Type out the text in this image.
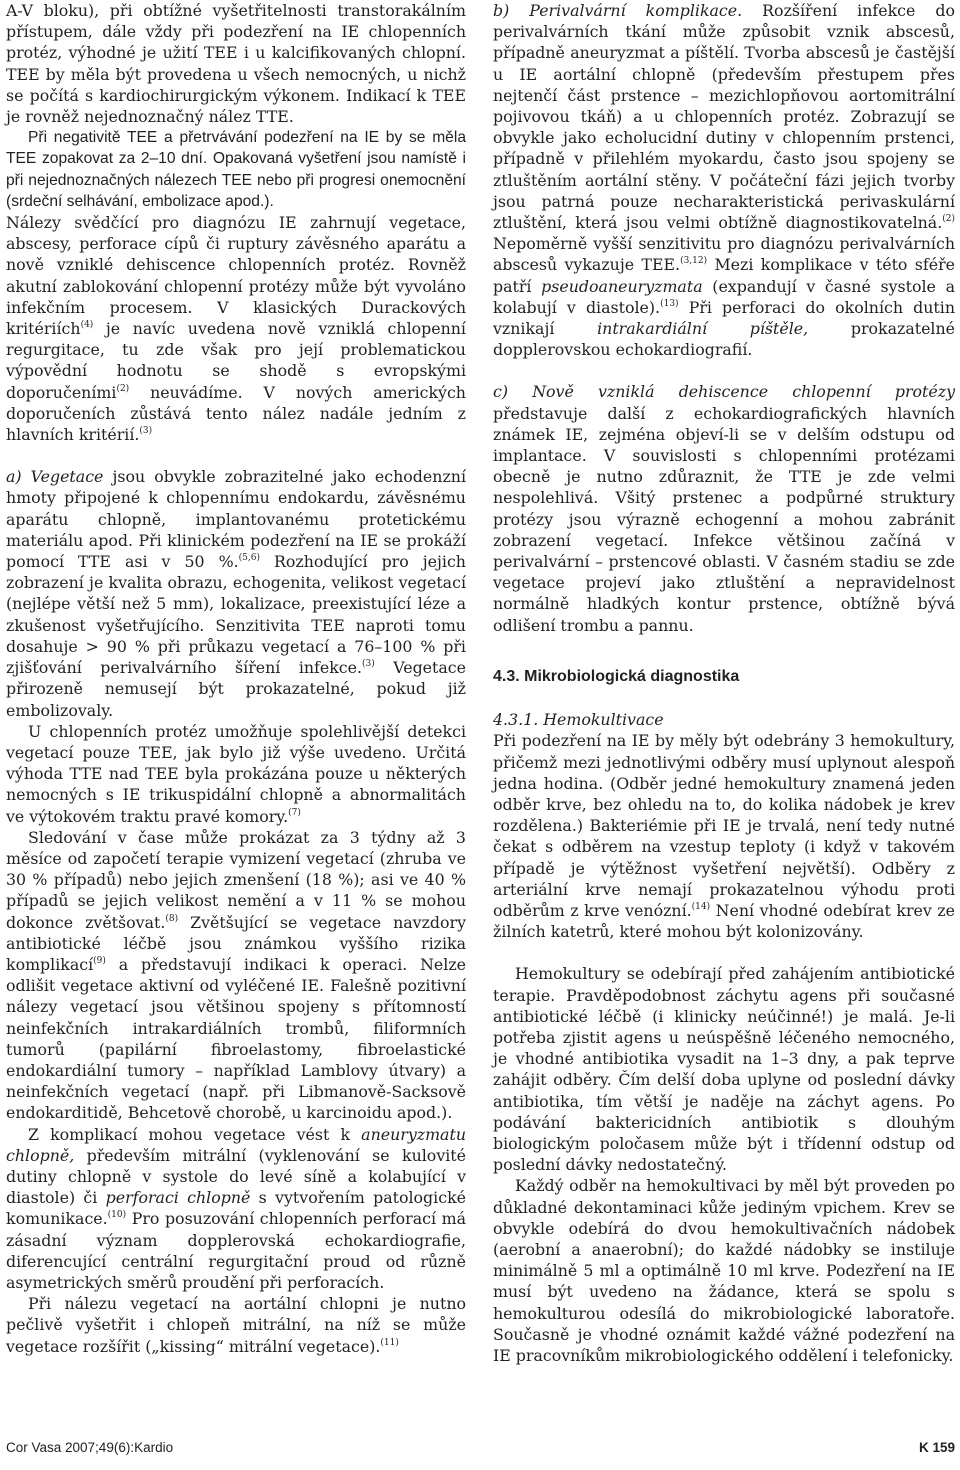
A-V bloku), při obtížné vyšetřitelnosti transtorakálním přístupem, dále vždy při podezření na IE chlopenních protéz, výhodné je užití TEE i u kalcifikovaných chlopní. TEE by měla být provedena u všech nemocných, u nichž se počítá s kardiochirurgickým výkonem. Indikací k TEE je rovněž nejednoznačný nález TTE.

Při negativitě TEE a přetrvávání podezření na IE by se měla TEE zopakovat za 2–10 dní. Opakovaná vyšetření jsou namístě i při nejednoznačných nálezech TEE nebo při progresi onemocnění (srdeční selhávání, embolizace apod.).

Nálezy svědčící pro diagnózu IE zahrnují vegetace, abscesy, perforace cípů či ruptury závěsného aparátu a nově vzniklé dehiscence chlopenních protéz. Rovněž akutní zablokování chlopenní protézy může být vyvoláno infekčním procesem. V klasických Durackových kritériích$^{(4)}$ je navíc uvedena nově vzniklá chlopenní regurgitace, tu zde však pro její problematickou výpovědní hodnotu se shodě s evropskými doporučeními$^{(2)}$ neuvádíme. V nových amerických doporučeních zůstává tento nález nadále jedním z hlavních kritérií.$^{(3)}$

a) Vegetace jsou obvykle zobrazitelné jako echodenzní hmoty připojené k chlopennímu endokardu, závěsnému aparátu chlopně, implantovanému protetickému materiálu apod. Při klinickém podezření na IE se prokáží pomocí TTE asi v 50 %.$^{(5,6)}$ Rozhodující pro jejich zobrazení je kvalita obrazu, echogenita, velikost vegetací (nejlépe větší než 5 mm), lokalizace, preexistující léze a zkušenost vyšetřujícího. Senzitivita TEE naproti tomu dosahuje > 90 % při průkazu vegetací a 76–100 % při zjišťování perivalvárního šíření infekce.$^{(3)}$ Vegetace přirozeně nemusejí být prokazatelné, pokud již embolizovaly.

U chlopenních protéz umožňuje spolehlivější detekci vegetací pouze TEE, jak bylo již výše uvedeno. Určitá výhoda TTE nad TEE byla prokázána pouze u některých nemocných s IE trikuspidální chlopně a abnormalitách ve výtokovém traktu pravé komory.$^{(7)}$

Sledování v čase může prokázat za 3 týdny až 3 měsíce od započetí terapie vymizení vegetací (zhruba ve 30 % případů) nebo jejich zmenšení (18 %); asi ve 40 % případů se jejich velikost nemění a v 11 % se mohou dokonce zvětšovat.$^{(8)}$ Zvětšující se vegetace navzdory antibiotické léčbě jsou známkou vyššího rizika komplikací$^{(9)}$ a představují indikaci k operaci. Nelze odlišit vegetace aktivní od vyléčené IE. Falešně pozitivní nálezy vegetací jsou většinou spojeny s přítomností neinfekčních intrakardiálních trombů, filiformních tumorů (papilární fibroelastomy, fibroelastické endokardiální tumory – například Lamblovy útvary) a neinfekčních vegetací (např. při Libmanově-Sacksově endokarditidě, Behcetově chorobě, u karcinoidu apod.).

Z komplikací mohou vegetace vést k aneuryzmatu chlopně, především mitrální (vyklenování se kulovité dutiny chlopně v systole do levé síně a kolabující v diastole) či perforaci chlopně s vytvořením patologické komunikace.$^{(10)}$ Pro posuzování chlopenních perforací má zásadní význam dopplerovská echokardiografie, diferencující centrální regurgitační proud od různě asymetrických směrů proudění při perforacích.

Při nálezu vegetací na aortální chlopni je nutno pečlivě vyšetřit i chlopeň mitrální, na níž se může vegetace rozšířit („kissing“ mitrální vegetace).$^{(11)}$

b) Perivalvární komplikace. Rozšíření infekce do perivalvárních tkání může způsobit vznik abscesů, případně aneuryzmat a píštělí. Tvorba abscesů je častější u IE aortální chlopně (především přestupem přes nejtenčí část prstence – mezichlopňovou aortomitrální pojivovou tkáň) a u chlopenních protéz. Zobrazují se obvykle jako echolucidní dutiny v chlopenním prstenci, případně v přilehlém myokardu, často jsou spojeny se ztluštěním aortální stěny. V počáteční fázi jejich tvorby jsou patrná pouze necharakteristická perivaskulární ztluštění, která jsou velmi obtížně diagnostikovatelná.$^{(2)}$ Nepoměrně vyšší senzitivitu pro diagnózu perivalvárních abscesů vykazuje TEE.$^{(3,12)}$ Mezi komplikace v této sféře patří pseudoaneuryzmata (expandují v časné systole a kolabují v diastole).$^{(13)}$ Při perforaci do okolních dutin vznikají intrakardiální píštěle, prokazatelné dopplerovskou echokardiografií.

c) Nově vzniklá dehiscence chlopenní protézy představuje další z echokardiografických hlavních známek IE, zejména objeví-li se v delším odstupu od implantace. V souvislosti s chlopenními protézami obecně je nutno zdůraznit, že TTE je zde velmi nespolehlivá. Všitý prstenec a podpůrné struktury protézy jsou výrazně echogenní a mohou zabránit zobrazení vegetací. Infekce většinou začíná v perivalvární – prstencové oblasti. V časném stadiu se zde vegetace projeví jako ztluštění a nepravidelnost normálně hladkých kontur prstence, obtížně bývá odlišení trombu a pannu.

4.3. Mikrobiologická diagnostika

4.3.1. Hemokultivace

Při podezření na IE by měly být odebrány 3 hemokultury, přičemž mezi jednotlivými odběry musí uplynout alespoň jedna hodina. (Odběr jedné hemokultury znamená jeden odběr krve, bez ohledu na to, do kolika nádobek je krev rozdělena.) Bakteriémie při IE je trvalá, není tedy nutné čekat s odběrem na vzestup teploty (i když v takovém případě je výtěžnost vyšetření největší). Odběry z arteriální krve nemají prokazatelnou výhodu proti odběrům z krve venózní.$^{(14)}$ Není vhodné odebírat krev ze žilních katetrů, které mohou být kolonizovány.

Hemokultury se odebírají před zahájením antibiotické terapie. Pravděpodobnost záchytu agens při současné antibiotické léčbě (i klinicky neúčinné!) je malá. Je-li potřeba zjistit agens u neúspěšně léčeného nemocného, je vhodné antibiotika vysadit na 1–3 dny, a pak teprve zahájit odběry. Čím delší doba uplyne od poslední dávky antibiotika, tím větší je naděje na záchyt agens. Po podávání baktericidních antibiotik s dlouhým biologickým poločasem může být i třídenní odstup od poslední dávky nedostatečný.

Každý odběr na hemokultivaci by měl být proveden po důkladné dekontaminaci kůže jediným vpichem. Krev se obvykle odebírá do dvou hemokultivačních nádobek (aerobní a anaerobní); do každé nádobky se instiluje minimálně 5 ml a optimálně 10 ml krve. Podezření na IE musí být uvedeno na žádance, která se spolu s hemokulturou odesílá do mikrobiologické laboratoře. Současně je vhodné oznámit každé vážné podezření na IE pracovníkům mikrobiologického oddělení i telefonicky.

Cor Vasa 2007;49(6):Kardio	K 159
